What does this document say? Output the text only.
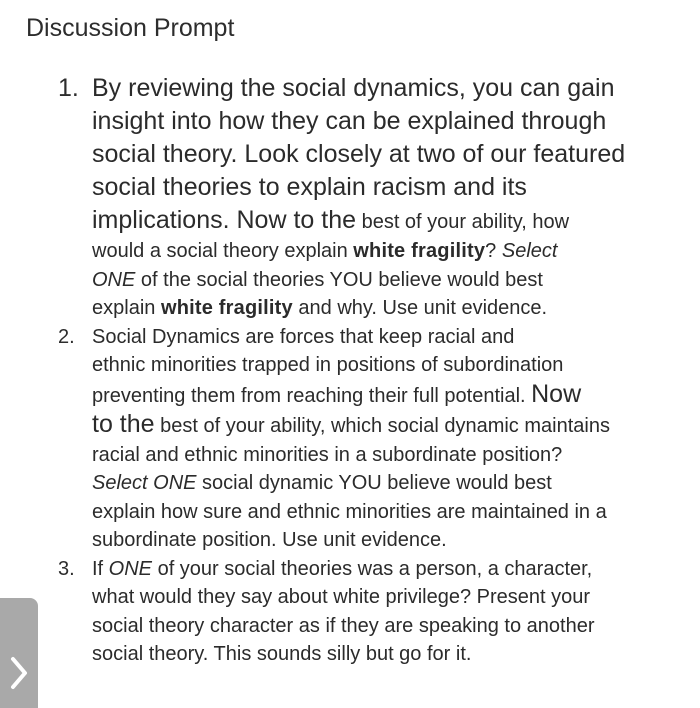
Discussion Prompt
1. By reviewing the social dynamics, you can gain
insight into how they can be explained through
social theory. Look closely at two of our featured
social theories to explain racism and its
implications. Now to the best of your ability, how
would a social theory explain white fragility? Select
ONE of the social theories YOU believe would best
explain white fragility and why. Use unit evidence.
2. Social Dynamics are forces that keep racial and
ethnic minorities trapped in positions of subordination
preventing them from reaching their full potential. Now
to the best of your ability, which social dynamic maintains
racial and ethnic minorities in a subordinate position?
Select ONE social dynamic YOU believe would best
explain how sure and ethnic minorities are maintained in a
subordinate position. Use unit evidence.
3. If ONE of your social theories was a person, a character,
what would they say about white privilege? Present your
social theory character as if they are speaking to another
social theory. This sounds silly but go for it.
